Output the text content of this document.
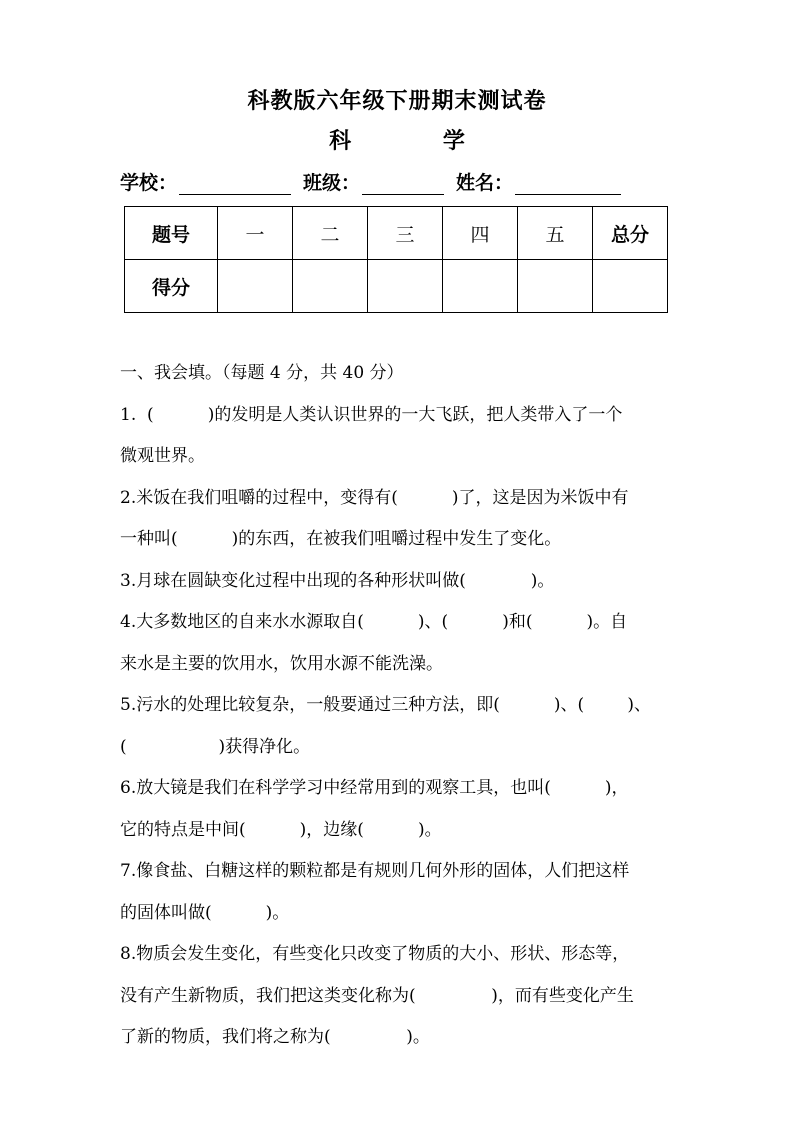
科教版六年级下册期末测试卷
科 学
学校：	班级：	姓名：
题号	一	二	三	四	五	总分
得分						
一、我会填。（每题 4 分，共 40 分）
1.  (          )的发明是人类认识世界的一大飞跃，把人类带入了一个
微观世界。
2.米饭在我们咀嚼的过程中，变得有(          )了，这是因为米饭中有
一种叫(          )的东西，在被我们咀嚼过程中发生了变化。
3.月球在圆缺变化过程中出现的各种形状叫做(            )。
4.大多数地区的自来水水源取自(          )、(          )和(          )。自
来水是主要的饮用水，饮用水源不能洗澡。
5.污水的处理比较复杂，一般要通过三种方法，即(          )、(        )、
(                 )获得净化。
6.放大镜是我们在科学学习中经常用到的观察工具，也叫(          )，
它的特点是中间(          )，边缘(          )。
7.像食盐、白糖这样的颗粒都是有规则几何外形的固体，人们把这样
的固体叫做(          )。
8.物质会发生变化，有些变化只改变了物质的大小、形状、形态等，
没有产生新物质，我们把这类变化称为(              )，而有些变化产生
了新的物质，我们将之称为(              )。
